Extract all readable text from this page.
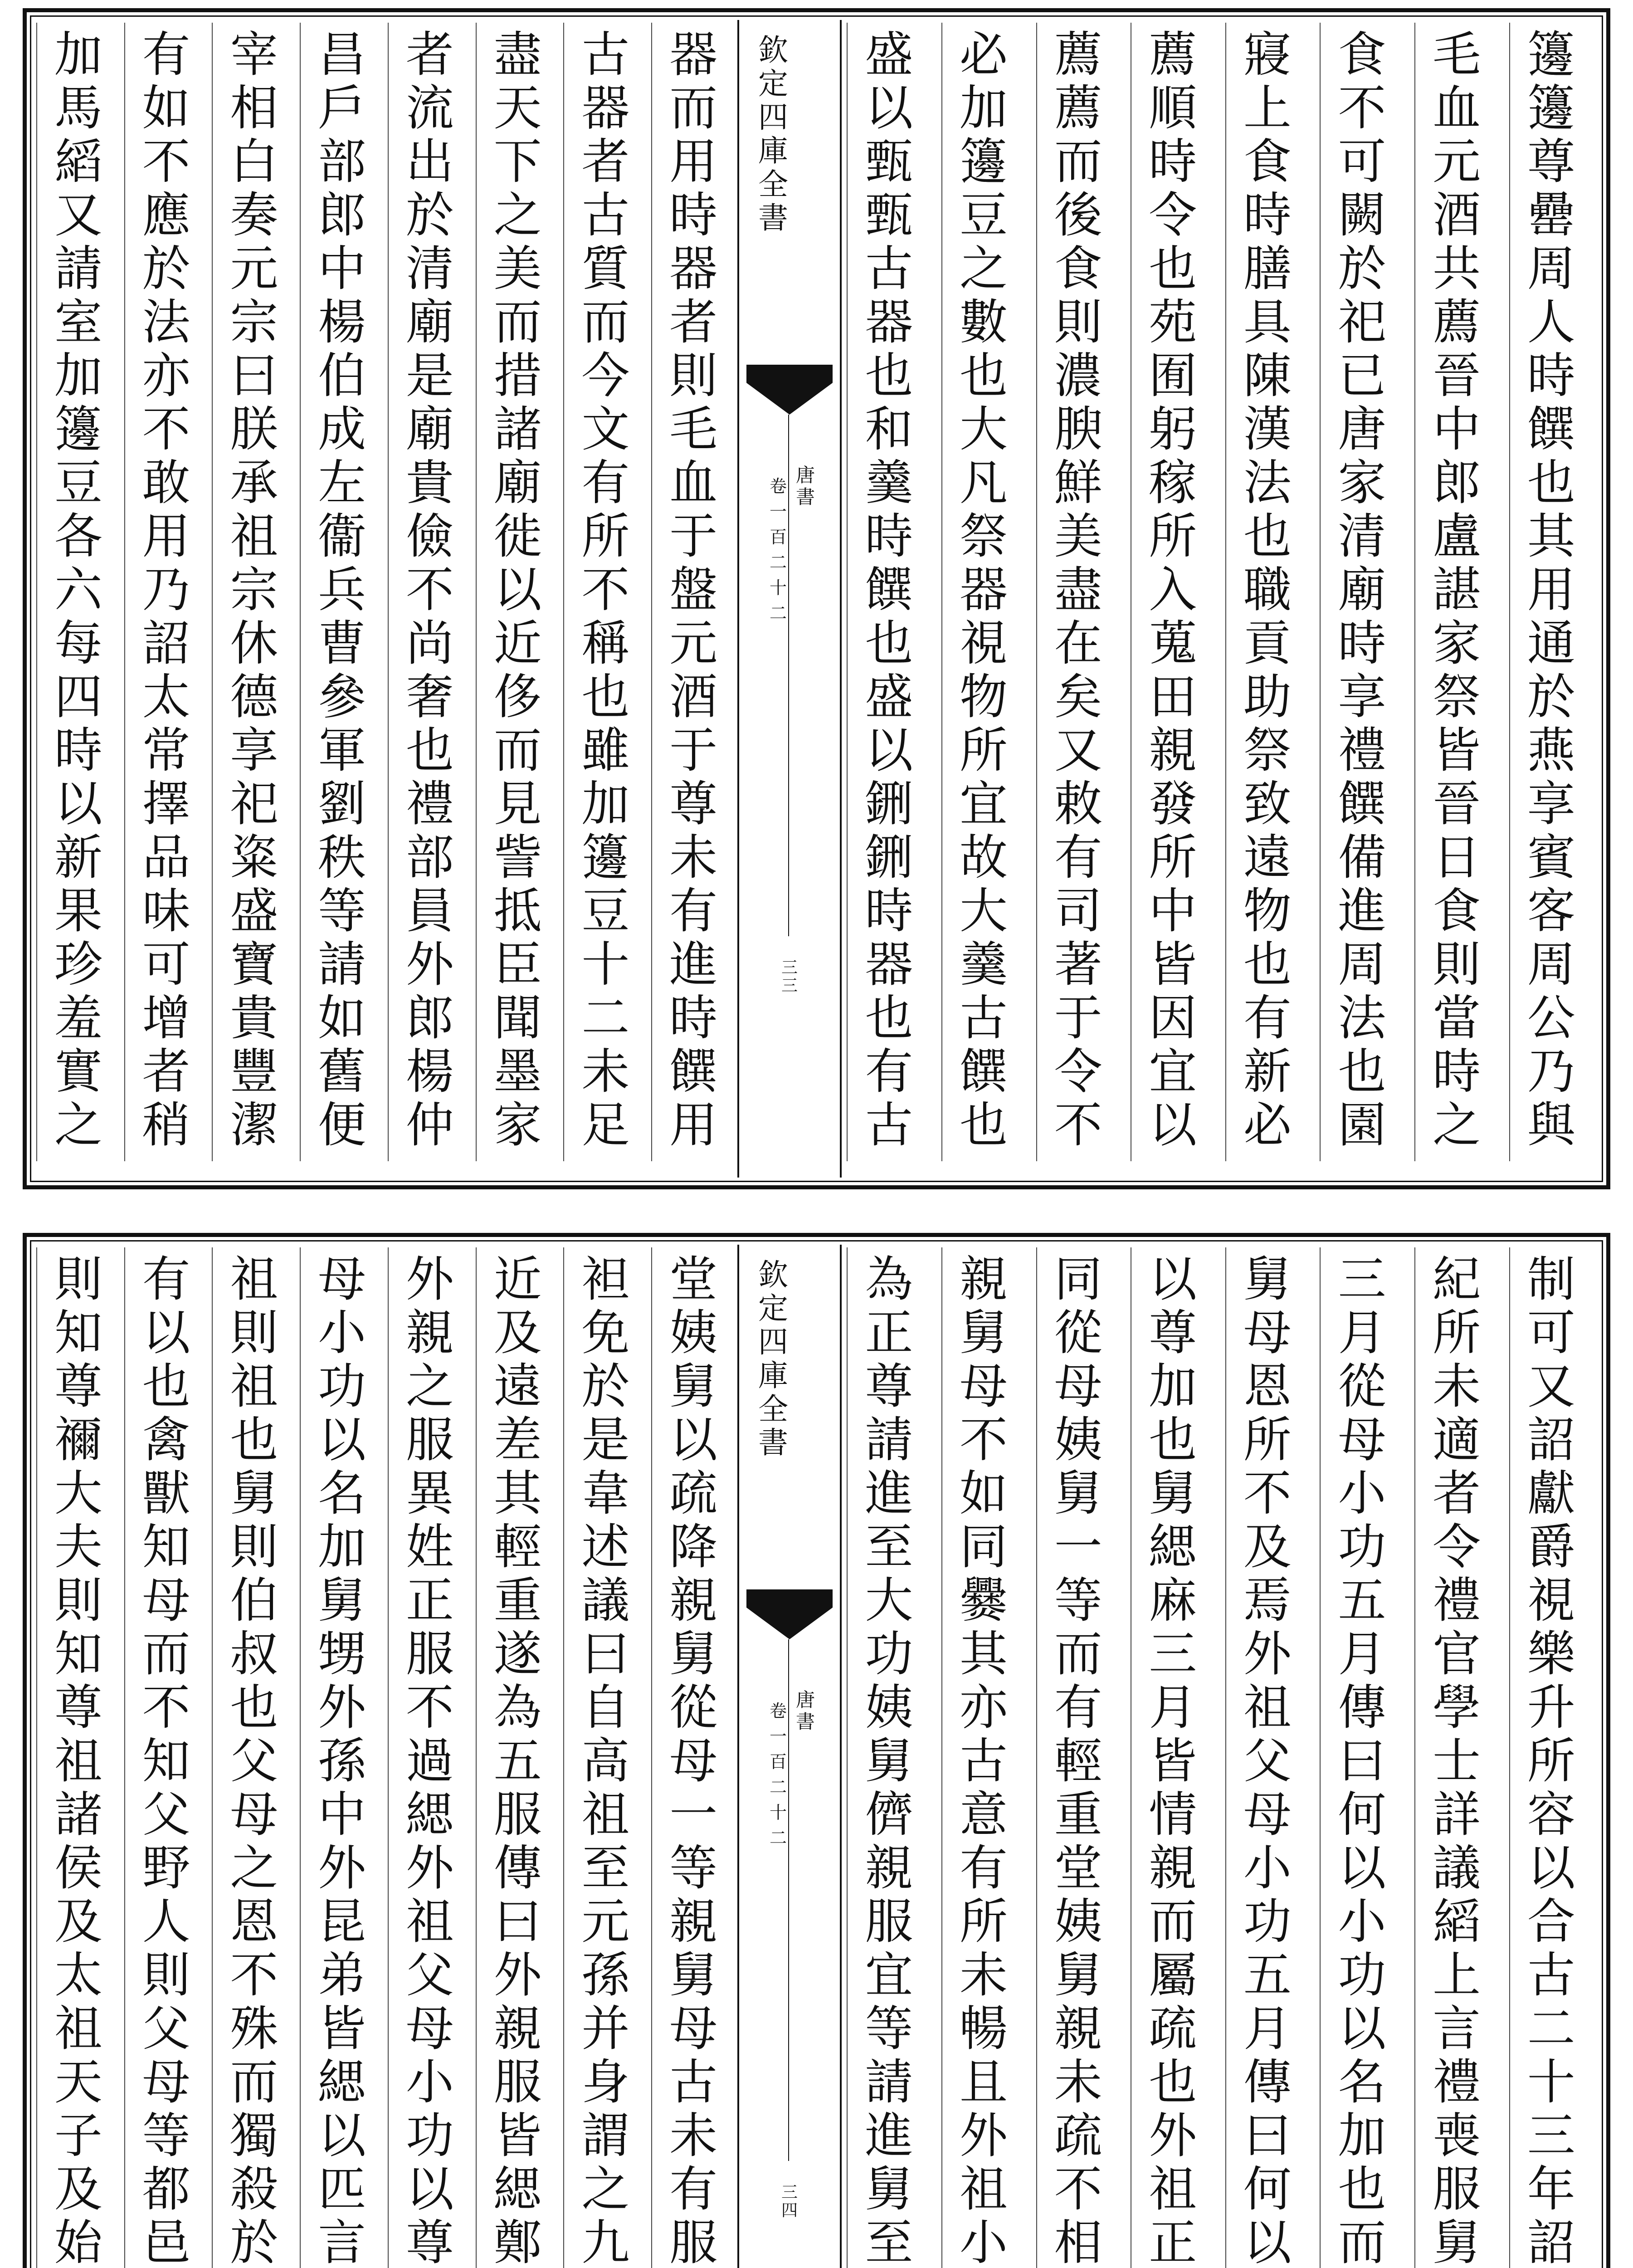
籩
籩
尊
罍
周
人
時
饌
也
其
用
通
於
燕
享
賓
客
周
公
乃
與
毛
血
元
酒
共
薦
晉
中
郎
盧
諶
家
祭
皆
晉
日
食
則
當
時
之
食
不
可
闕
於
祀
已
唐
家
清
廟
時
享
禮
饌
備
進
周
法
也
園
寢
上
食
時
膳
具
陳
漢
法
也
職
貢
助
祭
致
遠
物
也
有
新
必
薦
順
時
令
也
苑
囿
躬
稼
所
入
蒐
田
親
發
所
中
皆
因
宜
以
薦
薦
而
後
食
則
濃
腴
鮮
美
盡
在
矣
又
敕
有
司
著
于
令
不
必
加
籩
豆
之
數
也
大
凡
祭
器
視
物
所
宜
故
大
羹
古
饌
也
盛
以
甄
甄
古
器
也
和
羹
時
饌
也
盛
以
鉶
鉶
時
器
也
有
古
欽
定
四
庫
全
書
唐
書
卷
一
百
二
十
二
三
三
器
而
用
時
器
者
則
毛
血
于
盤
元
酒
于
尊
未
有
進
時
饌
用
古
器
者
古
質
而
今
文
有
所
不
稱
也
雖
加
籩
豆
十
二
未
足
盡
天
下
之
美
而
措
諸
廟
徙
以
近
侈
而
見
訾
抵
臣
聞
墨
家
者
流
出
於
清
廟
是
廟
貴
儉
不
尚
奢
也
禮
部
員
外
郎
楊
仲
昌
戶
部
郎
中
楊
伯
成
左
衞
兵
曹
參
軍
劉
秩
等
請
如
舊
便
宰
相
白
奏
元
宗
曰
朕
承
祖
宗
休
德
享
祀
粢
盛
寶
貴
豐
潔
有
如
不
應
於
法
亦
不
敢
用
乃
詔
太
常
擇
品
味
可
增
者
稍
加
馬
縚
又
請
室
加
籩
豆
各
六
每
四
時
以
新
果
珍
羞
實
之
制
可
又
詔
獻
爵
視
樂
升
所
容
以
合
古
二
十
三
年
詔
紀
所
未
適
者
令
禮
官
學
士
詳
議
縚
上
言
禮
喪
服
舅
三
月
從
母
小
功
五
月
傳
曰
何
以
小
功
以
名
加
也
而
舅
母
恩
所
不
及
焉
外
祖
父
母
小
功
五
月
傳
曰
何
以
以
尊
加
也
舅
緦
麻
三
月
皆
情
親
而
屬
疏
也
外
祖
正
同
從
母
姨
舅
一
等
而
有
輕
重
堂
姨
舅
親
未
疏
不
相
親
舅
母
不
如
同
爨
其
亦
古
意
有
所
未
暢
且
外
祖
小
為
正
尊
請
進
至
大
功
姨
舅
儕
親
服
宜
等
請
進
舅
至
欽
定
四
庫
全
書
唐
書
卷
一
百
二
十
二
三
四
堂
姨
舅
以
疏
降
親
舅
從
母
一
等
親
舅
母
古
未
有
服
袒
免
於
是
韋
述
議
曰
自
高
祖
至
元
孫
并
身
謂
之
九
近
及
遠
差
其
輕
重
遂
為
五
服
傳
曰
外
親
服
皆
緦
鄭
外
親
之
服
異
姓
正
服
不
過
緦
外
祖
父
母
小
功
以
尊
母
小
功
以
名
加
舅
甥
外
孫
中
外
昆
弟
皆
緦
以
匹
言
祖
則
祖
也
舅
則
伯
叔
也
父
母
之
恩
不
殊
而
獨
殺
於
有
以
也
禽
獸
知
母
而
不
知
父
野
人
則
父
母
等
都
邑
則
知
尊
禰
大
夫
則
知
尊
祖
諸
侯
及
太
祖
天
子
及
始
